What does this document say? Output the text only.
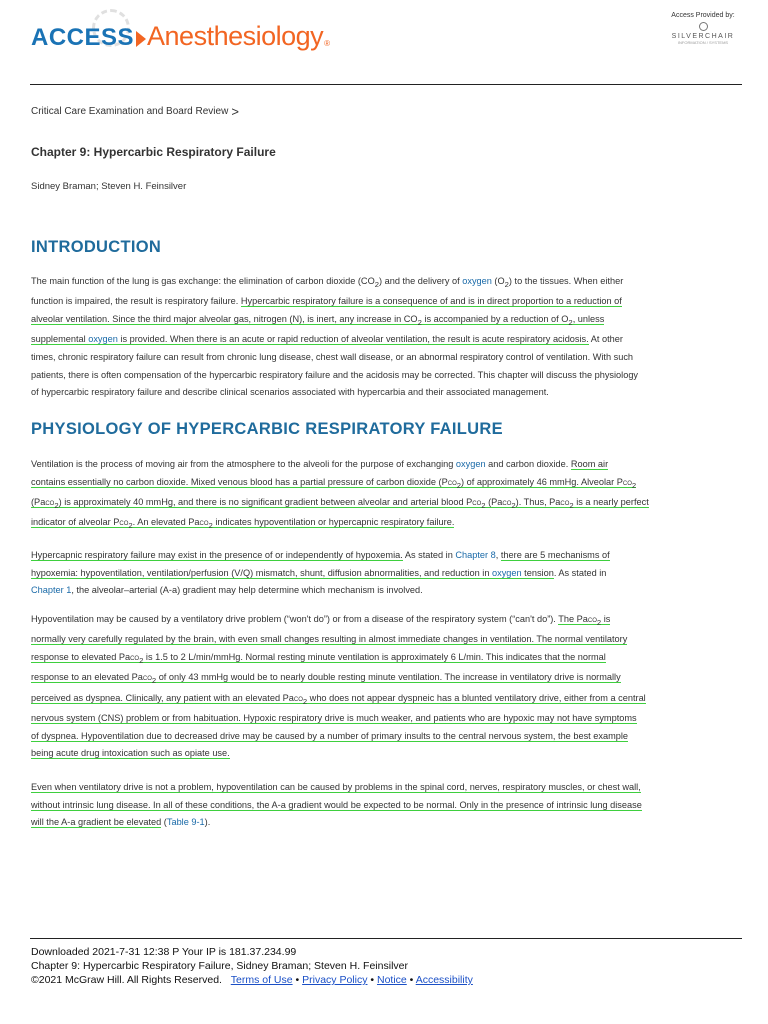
ACCESS Anesthesiology ®
Access Provided by:
SILVERCHAIR
INFORMATION / SYSTEMS
Critical Care Examination and Board Review >
Chapter 9: Hypercarbic Respiratory Failure
Sidney Braman; Steven H. Feinsilver
INTRODUCTION
The main function of the lung is gas exchange: the elimination of carbon dioxide $(CO_2)$ and the delivery of oxygen $(O_2)$ to the tissues. When either
function is impaired, the result is respiratory failure. Hypercarbic respiratory failure is a consequence of and is in direct proportion to a reduction of
alveolar ventilation. Since the third major alveolar gas, nitrogen (N), is inert, any increase in $CO_2$ is accompanied by a reduction of $O_2$, unless
supplemental oxygen is provided. When there is an acute or rapid reduction of alveolar ventilation, the result is acute respiratory acidosis. At other
times, chronic respiratory failure can result from chronic lung disease, chest wall disease, or an abnormal respiratory control of ventilation. With such
patients, there is often compensation of the hypercarbic respiratory failure and the acidosis may be corrected. This chapter will discuss the physiology
of hypercarbic respiratory failure and describe clinical scenarios associated with hypercarbia and their associated management.
PHYSIOLOGY OF HYPERCARBIC RESPIRATORY FAILURE
Ventilation is the process of moving air from the atmosphere to the alveoli for the purpose of exchanging oxygen and carbon dioxide. Room air
contains essentially no carbon dioxide. Mixed venous blood has a partial pressure of carbon dioxide (Pco$_2$) of approximately 46 mmHg. Alveolar Pco$_2$
(Paco$_2$) is approximately 40 mmHg, and there is no significant gradient between alveolar and arterial blood Pco$_2$ (Paco$_2$). Thus, Paco$_2$ is a nearly perfect
indicator of alveolar Pco$_2$. An elevated Paco$_2$ indicates hypoventilation or hypercapnic respiratory failure.
Hypercapnic respiratory failure may exist in the presence of or independently of hypoxemia. As stated in Chapter 8, there are 5 mechanisms of
hypoxemia: hypoventilation, ventilation/perfusion (V/Q) mismatch, shunt, diffusion abnormalities, and reduction in oxygen tension. As stated in
Chapter 1, the alveolar–arterial (A-a) gradient may help determine which mechanism is involved.
Hypoventilation may be caused by a ventilatory drive problem (“won't do”) or from a disease of the respiratory system (“can't do”). The Paco$_2$ is
normally very carefully regulated by the brain, with even small changes resulting in almost immediate changes in ventilation. The normal ventilatory
response to elevated Paco$_2$ is 1.5 to 2 L/min/mmHg. Normal resting minute ventilation is approximately 6 L/min. This indicates that the normal
response to an elevated Paco$_2$ of only 43 mmHg would be to nearly double resting minute ventilation. The increase in ventilatory drive is normally
perceived as dyspnea. Clinically, any patient with an elevated Paco$_2$ who does not appear dyspneic has a blunted ventilatory drive, either from a central
nervous system (CNS) problem or from habituation. Hypoxic respiratory drive is much weaker, and patients who are hypoxic may not have symptoms
of dyspnea. Hypoventilation due to decreased drive may be caused by a number of primary insults to the central nervous system, the best example
being acute drug intoxication such as opiate use.
Even when ventilatory drive is not a problem, hypoventilation can be caused by problems in the spinal cord, nerves, respiratory muscles, or chest wall,
without intrinsic lung disease. In all of these conditions, the A-a gradient would be expected to be normal. Only in the presence of intrinsic lung disease
will the A-a gradient be elevated (Table 9-1).
Downloaded 2021-7-31 12:38 P Your IP is 181.37.234.99
Chapter 9: Hypercarbic Respiratory Failure, Sidney Braman; Steven H. Feinsilver
©2021 McGraw Hill. All Rights Reserved. Terms of Use • Privacy Policy • Notice • Accessibility
